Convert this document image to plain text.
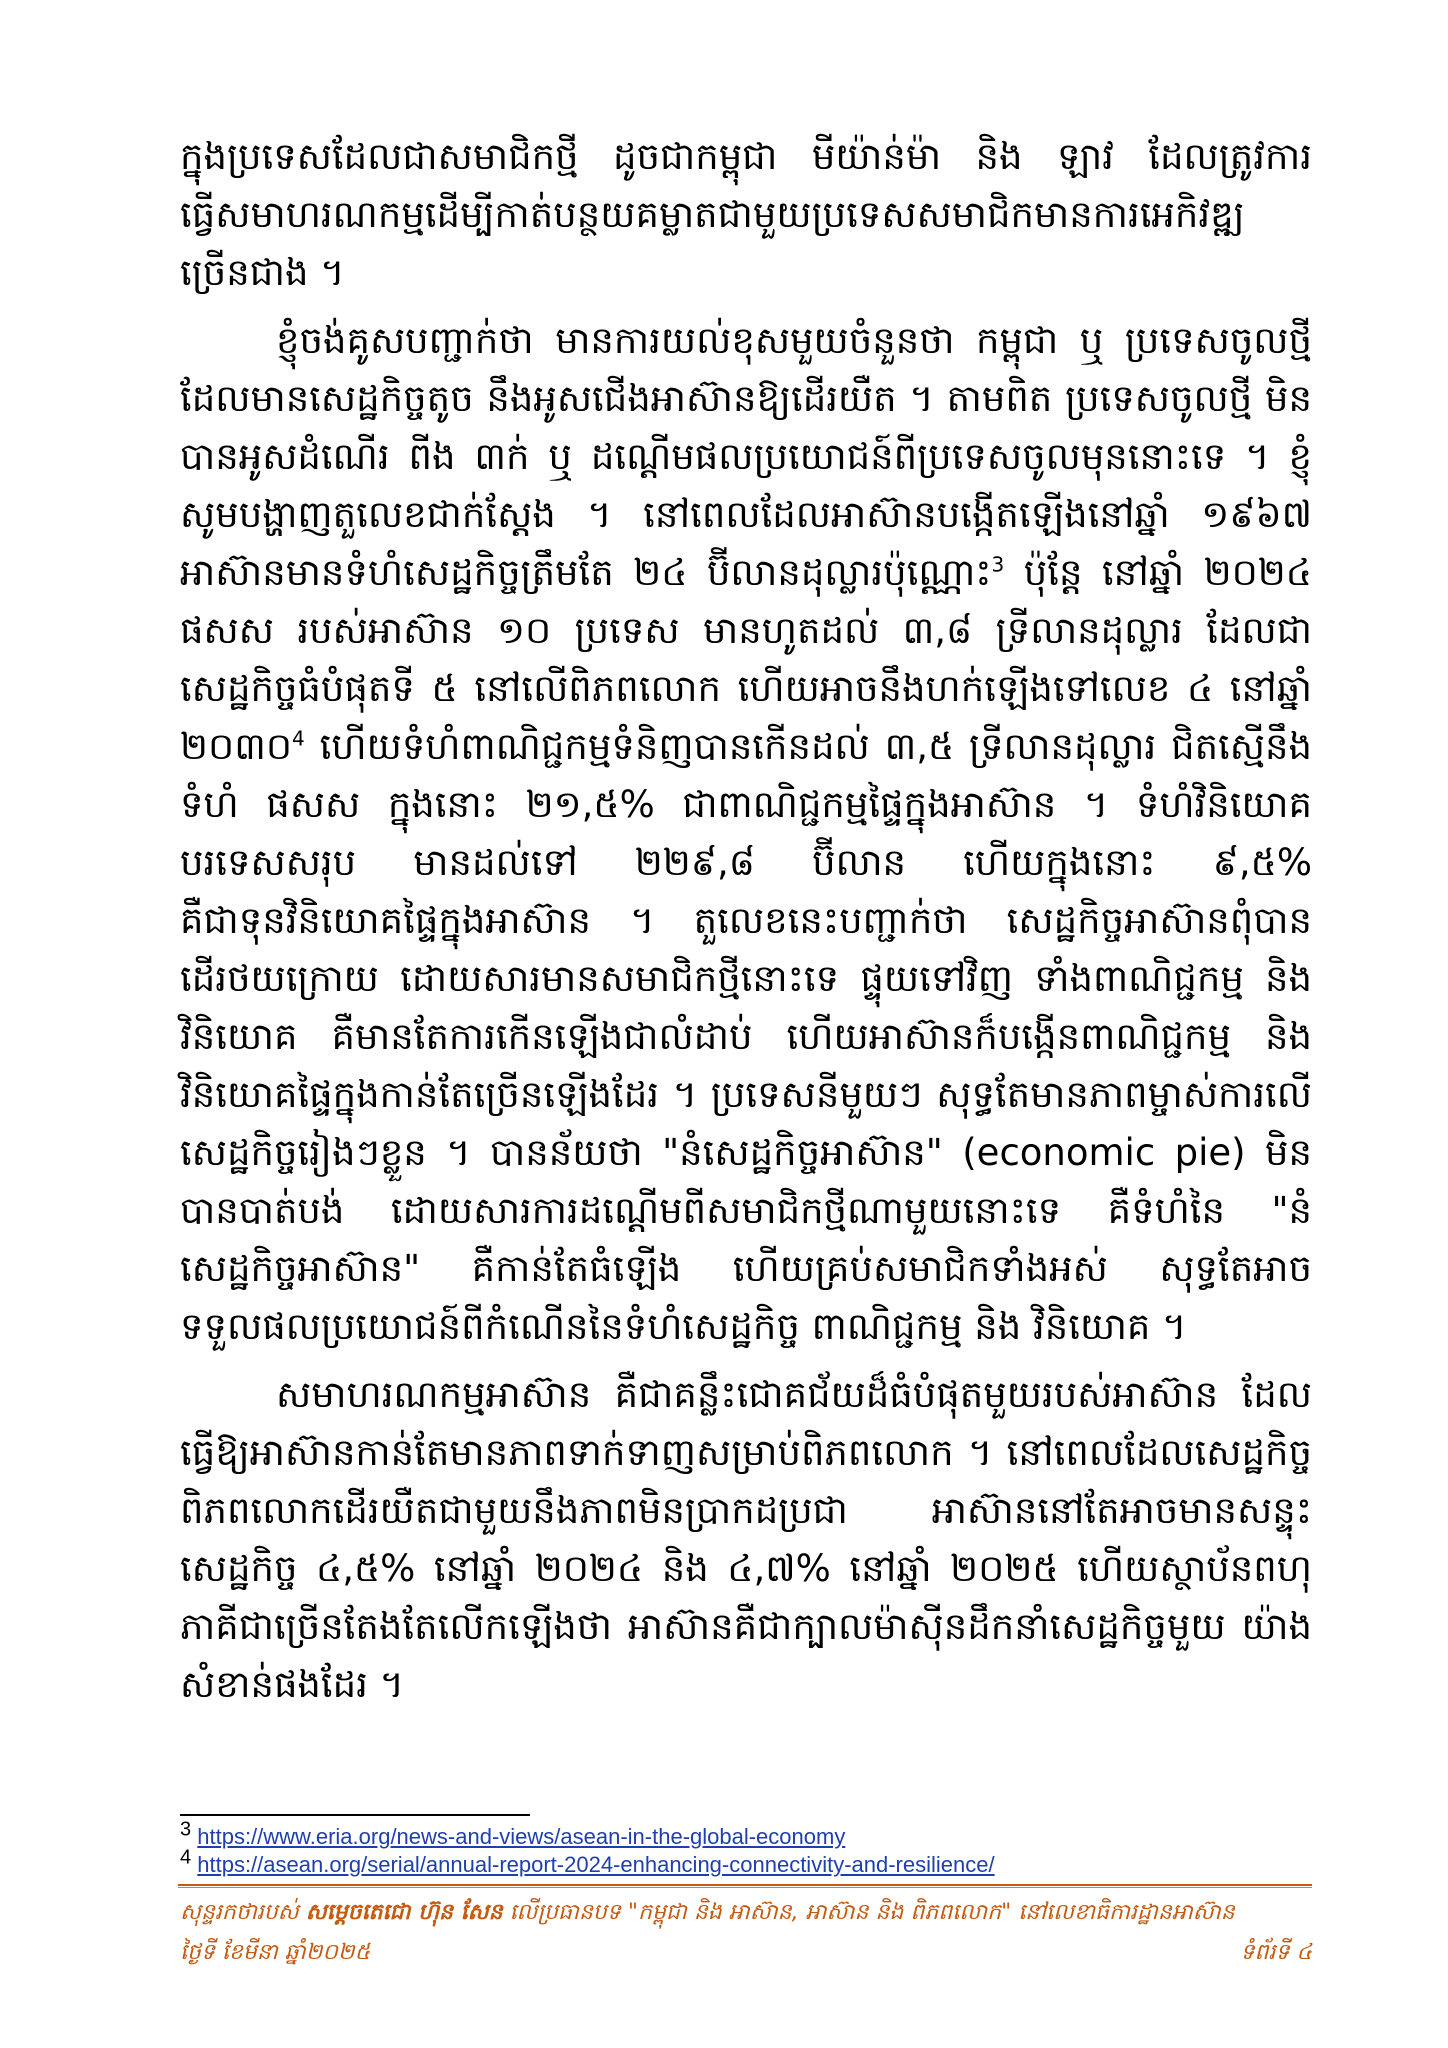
ក្នុងប្រទេសដែលជាសមាជិកថ្មី ដូចជាកម្ពុជា មីយ៉ាន់ម៉ា និង ឡាវ ដែលត្រូវការធ្វើសមាហរណកម្មដើម្បីកាត់បន្ថយគម្លាតជាមួយប្រទេសសមាជិកមានការអេកិវឌ្ឍច្រើនជាង ។

ខ្ញុំចង់គូសបញ្ជាក់ថា មានការយល់ខុសមួយចំនួនថា កម្ពុជា ឬ ប្រទេសចូលថ្មី ដែលមានសេដ្ឋកិច្ចតូច នឹងអូសជើងអាស៊ានឱ្យដើរយឺត ។ តាមពិត ប្រទេសចូលថ្មី មិនបានអូសដំណើរ ពីង ៣ក់ ឬ ដណ្ដើមផលប្រយោជន៍ពីប្រទេសចូលមុននោះទេ ។ ខ្ញុំសូមបង្ហាញតួលេខជាក់ស្ដែង ។ នៅពេលដែលអាស៊ានបង្កើតឡើងនៅឆ្នាំ ១៩៦៧ អាស៊ានមានទំហំសេដ្ឋកិច្ចត្រឹមតែ ២៤ ប៊ីលានដុល្លារប៉ុណ្ណោះ$^3$ ប៉ុន្តែ នៅឆ្នាំ ២០២៤ ផសស របស់អាស៊ាន ១០ ប្រទេស មានហូតដល់ ៣,៨ ទ្រីលានដុល្លារ ដែលជាសេដ្ឋកិច្ចធំបំផុតទី ៥ នៅលើពិភពលោក ហើយអាចនឹងហក់ឡើងទៅលេខ ៤ នៅឆ្នាំ ២០៣០$^4$ ហើយទំហំពាណិជ្ជកម្មទំនិញបានកើនដល់ ៣,៥ ទ្រីលានដុល្លារ ជិតស្មើនឹងទំហំ ផសស ក្នុងនោះ ២១,៥% ជាពាណិជ្ជកម្មផ្ទៃក្នុងអាស៊ាន ។ ទំហំវិនិយោគបរទេសសរុប មានដល់ទៅ ២២៩,៨ ប៊ីលាន ហើយក្នុងនោះ ៩,៥% គឺជាទុនវិនិយោគផ្ទៃក្នុងអាស៊ាន ។ តួលេខនេះបញ្ជាក់ថា សេដ្ឋកិច្ចអាស៊ានពុំបានដើរថយក្រោយ ដោយសារមានសមាជិកថ្មីនោះទេ ផ្ទុយទៅវិញ ទាំងពាណិជ្ជកម្ម និង វិនិយោគ គឺមានតែការកើនឡើងជាលំដាប់ ហើយអាស៊ានក៏បង្កើនពាណិជ្ជកម្ម និង វិនិយោគផ្ទៃក្នុងកាន់តែច្រើនឡើងដែរ ។ ប្រទេសនីមួយៗ សុទ្ធតែមានភាពម្ចាស់ការលើសេដ្ឋកិច្ចរៀងៗខ្លួន ។ បានន័យថា "នំសេដ្ឋកិច្ចអាស៊ាន" (economic pie) មិនបានបាត់បង់ ដោយសារការដណ្ដើមពីសមាជិកថ្មីណាមួយនោះទេ គឺទំហំនៃ "នំសេដ្ឋកិច្ចអាស៊ាន" គឺកាន់តែធំឡើង ហើយគ្រប់សមាជិកទាំងអស់ សុទ្ធតែអាចទទួលផលប្រយោជន៍ពីកំណើននៃទំហំសេដ្ឋកិច្ច ពាណិជ្ជកម្ម និង វិនិយោគ ។

សមាហរណកម្មអាស៊ាន គឺជាគន្លឹះជោគជ័យដ៏ធំបំផុតមួយរបស់អាស៊ាន ដែលធ្វើឱ្យអាស៊ានកាន់តែមានភាពទាក់ទាញសម្រាប់ពិភពលោក ។ នៅពេលដែលសេដ្ឋកិច្ចពិភពលោកដើរយឺតជាមួយនឹងភាពមិនប្រាកដប្រជា អាស៊ាននៅតែអាចមានសន្ទុះសេដ្ឋកិច្ច ៤,៥% នៅឆ្នាំ ២០២៤ និង ៤,៧% នៅឆ្នាំ ២០២៥ ហើយស្ថាប័នពហុភាគីជាច្រើនតែងតែលើកឡើងថា អាស៊ានគឺជាក្បាលម៉ាស៊ីនដឹកនាំសេដ្ឋកិច្ចមួយ យ៉ាងសំខាន់ផងដែរ ។

$^3$ https://www.eria.org/news-and-views/asean-in-the-global-economy
$^4$ https://asean.org/serial/annual-report-2024-enhancing-connectivity-and-resilience/
សុន្ទរកថារបស់ សម្ដេចតេជោ ហ៊ុន សែន លើប្រធានបទ "កម្ពុជា និង អាស៊ាន, អាស៊ាន និង ពិភពលោក" នៅលេខាធិការដ្ឋានអាស៊ាន
ថ្ងៃទី ខែមីនា ឆ្នាំ២០២៥	ទំព័រទី ៤
